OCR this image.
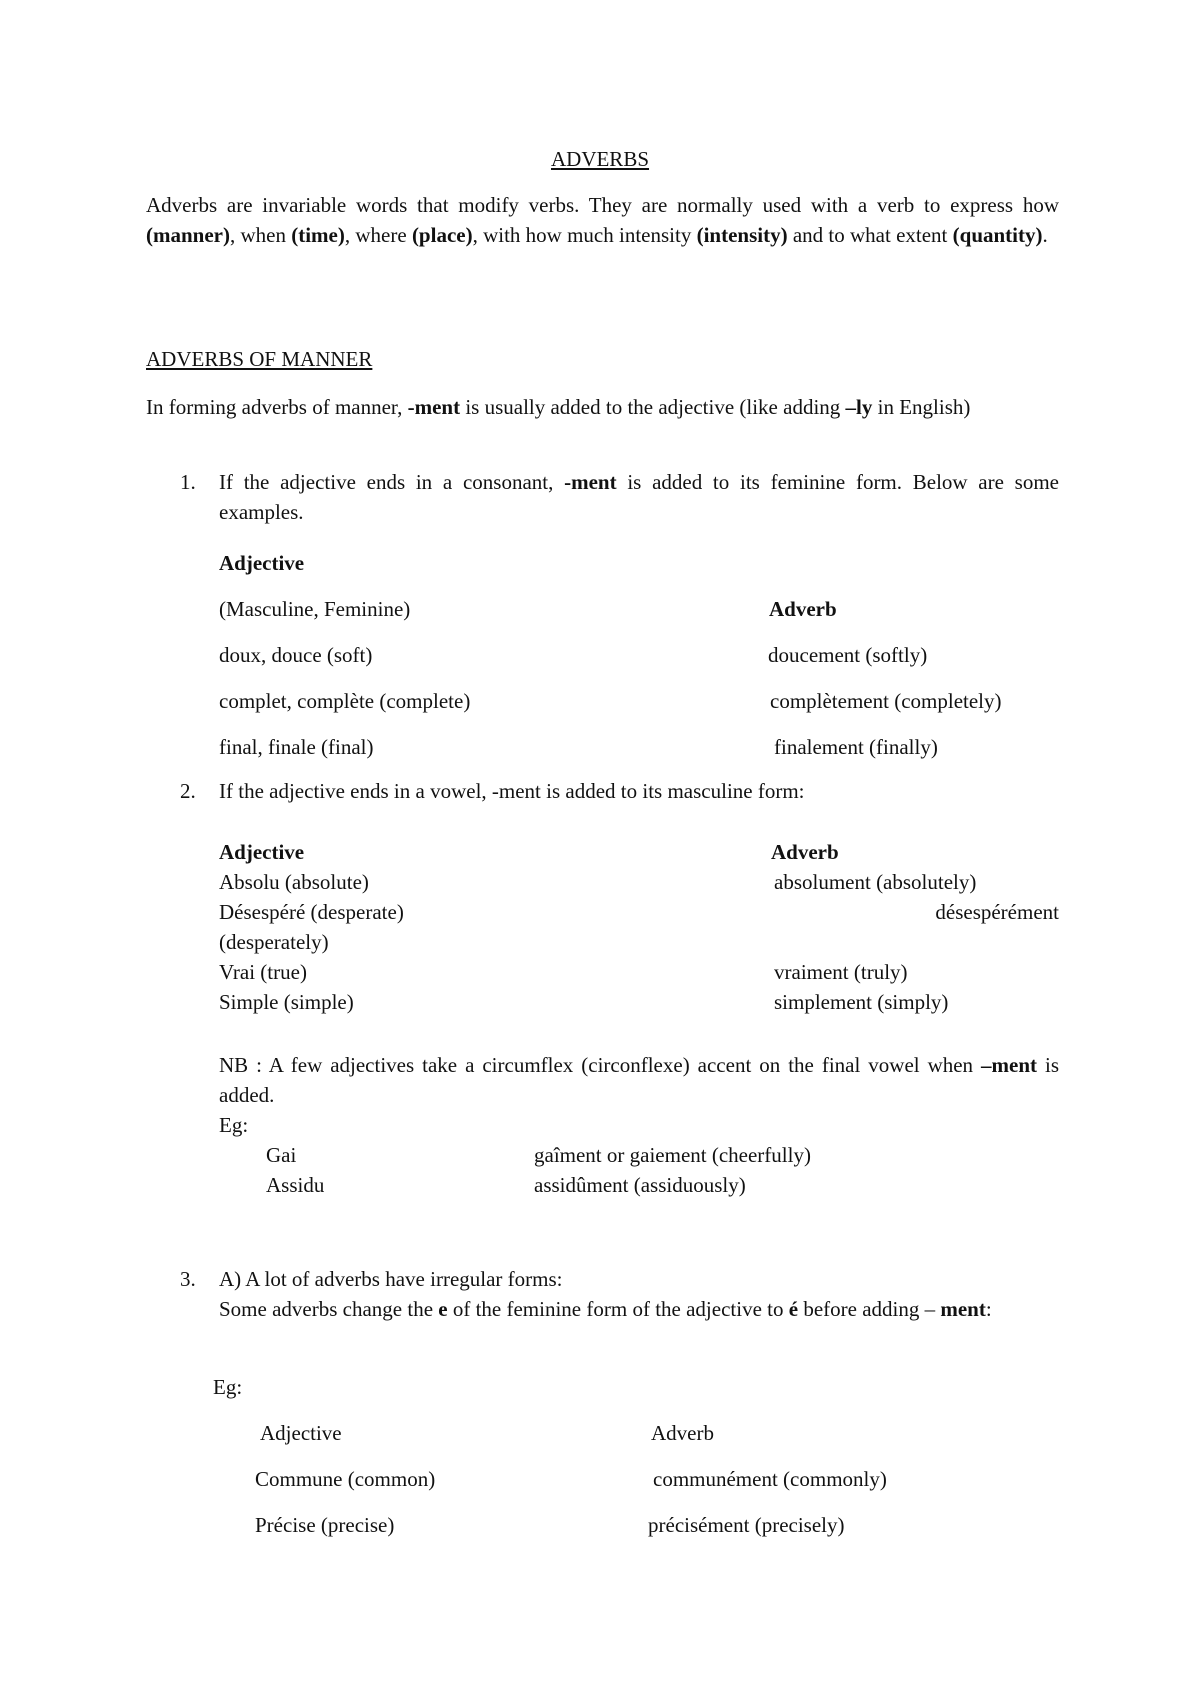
ADVERBS
Adverbs are invariable words that modify verbs. They are normally used with a verb to express how (manner), when (time), where (place), with how much intensity (intensity) and to what extent (quantity).
ADVERBS OF MANNER
In forming adverbs of manner, -ment is usually added to the adjective (like adding –ly in English)
1. If the adjective ends in a consonant, -ment is added to its feminine form. Below are some examples.
Adjective
(Masculine, Feminine)	Adverb
doux, douce (soft)	doucement (softly)
complet, complète (complete)	complètement (completely)
final, finale (final)	finalement (finally)
2. If the adjective ends in a vowel, -ment is added to its masculine form:
Adjective	Adverb
Absolu (absolute)	absolument (absolutely)
Désespéré (desperate)	désespérément
(desperately)
Vrai (true)	vraiment (truly)
Simple (simple)	simplement (simply)
NB : A few adjectives take a circumflex (circonflexe) accent on the final vowel when –ment is added.
Eg:
Gai	gaîment or gaiement (cheerfully)
Assidu	assidûment (assiduously)
3. A) A lot of adverbs have irregular forms:
Some adverbs change the e of the feminine form of the adjective to é before adding – ment:
Eg:
Adjective	Adverb
Commune (common)	communément (commonly)
Précise (precise)	précisément (precisely)
